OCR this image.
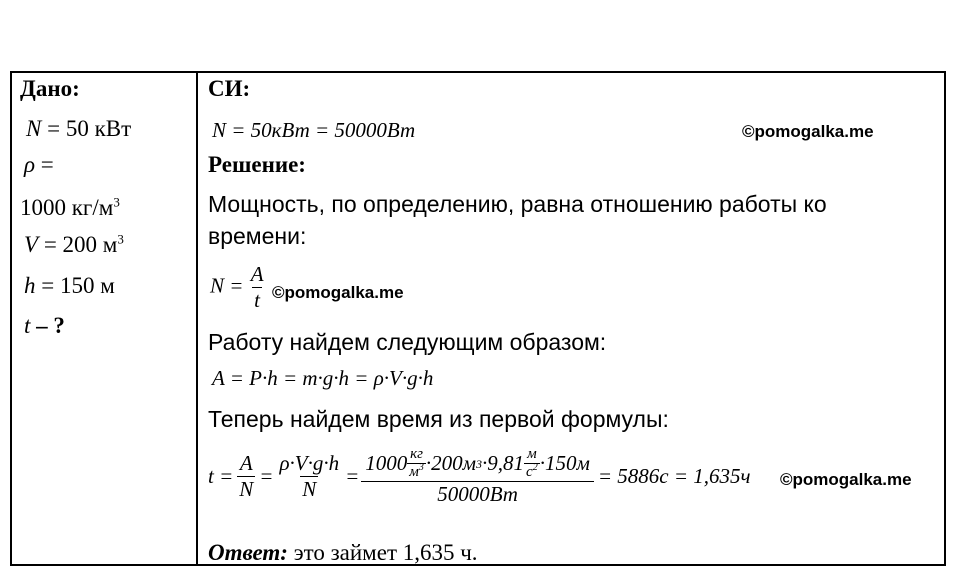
Дано:
N = 50 кВт
ρ =
1000 $кг/м^3$
V = 200 $м^3$
h = 150 м
t – ?
СИ:
N = 50кВт = 50000Вт	©pomogalka.me
Решение:
Мощность, по определению, равна отношению работы ко
времени:
$N = \frac{A}{t}$ ©pomogalka.me
Работу найдем следующим образом:
A = P·h = m·g·h = ρ·V·g·h
Теперь найдем время из первой формулы:
$t = \frac{A}{N} = \frac{\rho\cdot V\cdot g\cdot h}{N}$ =
$1000 \frac{кг}{м^3} \cdot 200м$ $3 \cdot 9,81 \frac{м}{с^2} \cdot 150м$
50000Вт
= 5886с = 1,635ч ©pomogalka.me
Ответ: это займет 1,635 ч.
